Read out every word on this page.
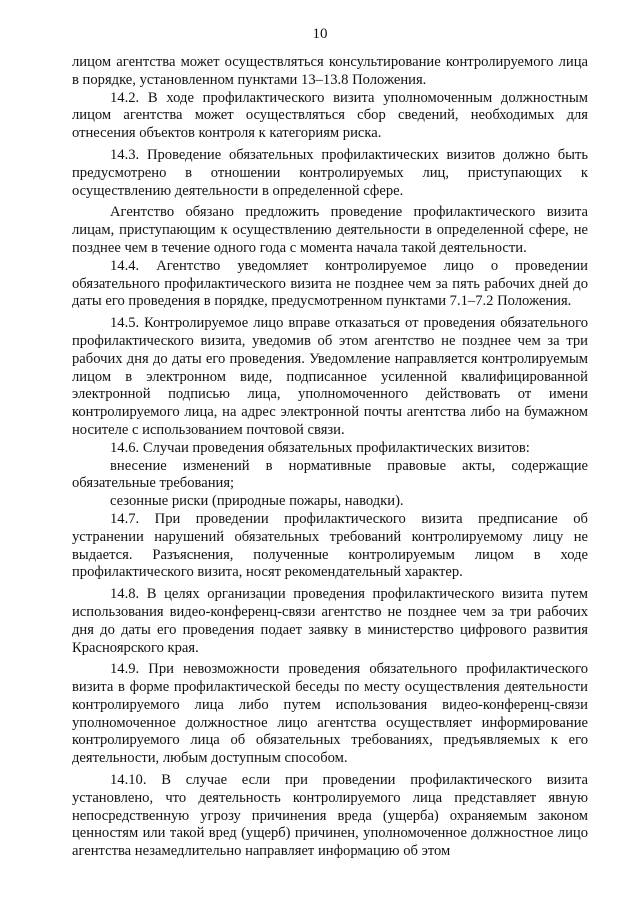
10

лицом агентства может осуществляться консультирование контролируемого лица в порядке, установленном пунктами 13–13.8 Положения.

14.2. В ходе профилактического визита уполномоченным должностным лицом агентства может осуществляться сбор сведений, необходимых для отнесения объектов контроля к категориям риска.

14.3. Проведение обязательных профилактических визитов должно быть предусмотрено в отношении контролируемых лиц, приступающих к осуществлению деятельности в определенной сфере.

Агентство обязано предложить проведение профилактического визита лицам, приступающим к осуществлению деятельности в определенной сфере, не позднее чем в течение одного года с момента начала такой деятельности.

14.4. Агентство уведомляет контролируемое лицо о проведении обязательного профилактического визита не позднее чем за пять рабочих дней до даты его проведения в порядке, предусмотренном пунктами 7.1–7.2 Положения.

14.5. Контролируемое лицо вправе отказаться от проведения обязательного профилактического визита, уведомив об этом агентство не позднее чем за три рабочих дня до даты его проведения. Уведомление направляется контролируемым лицом в электронном виде, подписанное усиленной квалифицированной электронной подписью лица, уполномоченного действовать от имени контролируемого лица, на адрес электронной почты агентства либо на бумажном носителе с использованием почтовой связи.

14.6. Случаи проведения обязательных профилактических визитов:

внесение изменений в нормативные правовые акты, содержащие обязательные требования;

сезонные риски (природные пожары, наводки).

14.7. При проведении профилактического визита предписание об устранении нарушений обязательных требований контролируемому лицу не выдается. Разъяснения, полученные контролируемым лицом в ходе профилактического визита, носят рекомендательный характер.

14.8. В целях организации проведения профилактического визита путем использования видео-конференц-связи агентство не позднее чем за три рабочих дня до даты его проведения подает заявку в министерство цифрового развития Красноярского края.

14.9. При невозможности проведения обязательного профилактического визита в форме профилактической беседы по месту осуществления деятельности контролируемого лица либо путем использования видео-конференц-связи уполномоченное должностное лицо агентства осуществляет информирование контролируемого лица об обязательных требованиях, предъявляемых к его деятельности, любым доступным способом.

14.10. В случае если при проведении профилактического визита установлено, что деятельность контролируемого лица представляет явную непосредственную угрозу причинения вреда (ущерба) охраняемым законом ценностям или такой вред (ущерб) причинен, уполномоченное должностное лицо агентства незамедлительно направляет информацию об этом
